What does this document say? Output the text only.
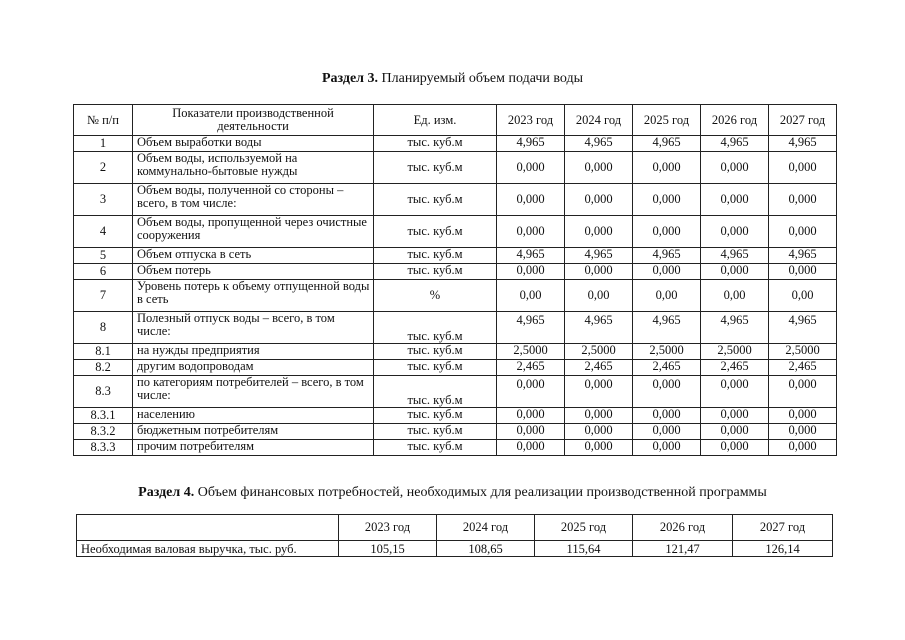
Раздел 3. Планируемый объем подачи воды
№ п/п	Показатели производственной деятельности	Ед. изм.	2023 год	2024 год	2025 год	2026 год	2027 год
1	Объем выработки воды	тыс. куб.м	4,965	4,965	4,965	4,965	4,965
2	Объем воды, используемой на коммунально-бытовые нужды	тыс. куб.м	0,000	0,000	0,000	0,000	0,000
3	Объем воды, полученной со стороны – всего, в том числе:	тыс. куб.м	0,000	0,000	0,000	0,000	0,000
4	Объем воды, пропущенной через очистные сооружения	тыс. куб.м	0,000	0,000	0,000	0,000	0,000
5	Объем отпуска в сеть	тыс. куб.м	4,965	4,965	4,965	4,965	4,965
6	Объем потерь	тыс. куб.м	0,000	0,000	0,000	0,000	0,000
7	Уровень потерь к объему отпущенной воды в сеть	%	0,00	0,00	0,00	0,00	0,00
8	Полезный отпуск воды – всего, в том числе:	тыс. куб.м	4,965	4,965	4,965	4,965	4,965
8.1	на нужды предприятия	тыс. куб.м	2,5000	2,5000	2,5000	2,5000	2,5000
8.2	другим водопроводам	тыс. куб.м	2,465	2,465	2,465	2,465	2,465
8.3	по категориям потребителей – всего, в том числе:	тыс. куб.м	0,000	0,000	0,000	0,000	0,000
8.3.1	населению	тыс. куб.м	0,000	0,000	0,000	0,000	0,000
8.3.2	бюджетным потребителям	тыс. куб.м	0,000	0,000	0,000	0,000	0,000
8.3.3	прочим потребителям	тыс. куб.м	0,000	0,000	0,000	0,000	0,000
Раздел 4. Объем финансовых потребностей, необходимых для реализации производственной программы
	2023 год	2024 год	2025 год	2026 год	2027 год
Необходимая валовая выручка, тыс. руб.	105,15	108,65	115,64	121,47	126,14
